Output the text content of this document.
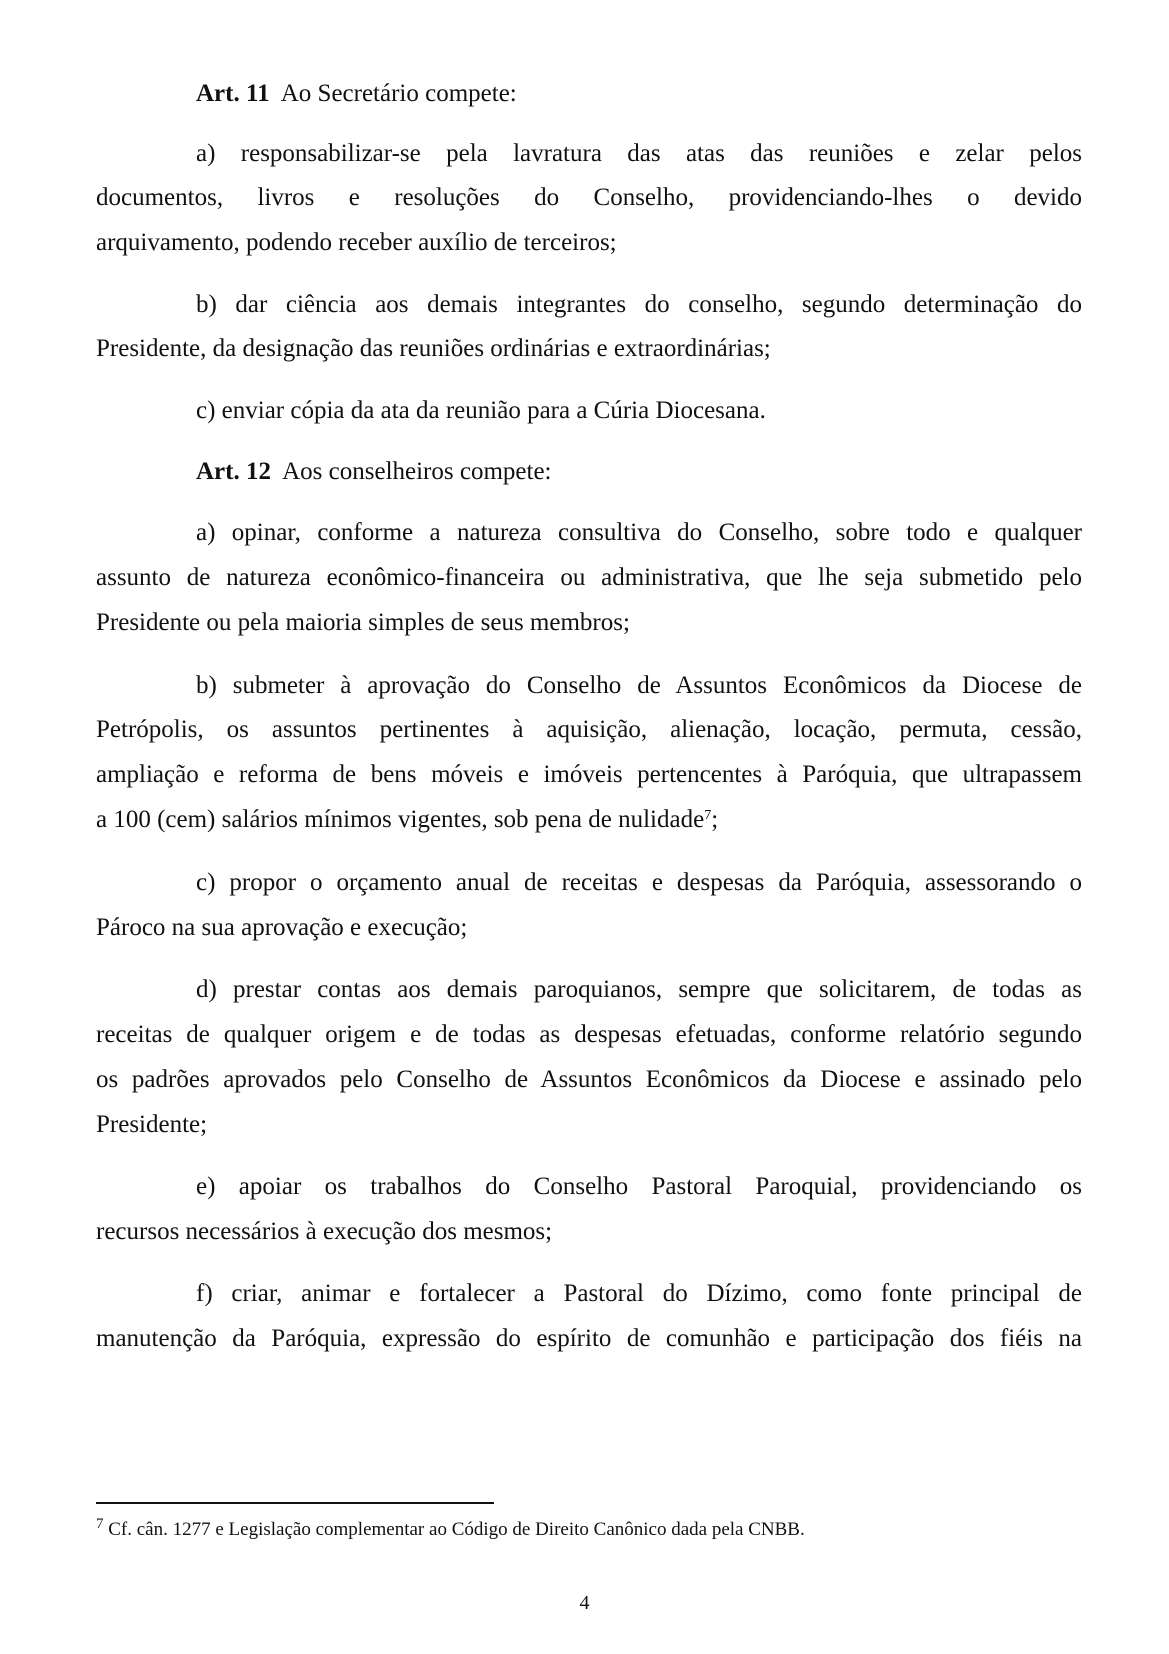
Art. 11 Ao Secretário compete:
a) responsabilizar-se pela lavratura das atas das reuniões e zelar pelos
documentos, livros e resoluções do Conselho, providenciando-lhes o devido
arquivamento, podendo receber auxílio de terceiros;
b) dar ciência aos demais integrantes do conselho, segundo determinação do
Presidente, da designação das reuniões ordinárias e extraordinárias;
c) enviar cópia da ata da reunião para a Cúria Diocesana.
Art. 12 Aos conselheiros compete:
a) opinar, conforme a natureza consultiva do Conselho, sobre todo e qualquer
assunto de natureza econômico-financeira ou administrativa, que lhe seja submetido pelo
Presidente ou pela maioria simples de seus membros;
b) submeter à aprovação do Conselho de Assuntos Econômicos da Diocese de
Petrópolis, os assuntos pertinentes à aquisição, alienação, locação, permuta, cessão,
ampliação e reforma de bens móveis e imóveis pertencentes à Paróquia, que ultrapassem
a 100 (cem) salários mínimos vigentes, sob pena de nulidade$^7$;
c) propor o orçamento anual de receitas e despesas da Paróquia, assessorando o
Pároco na sua aprovação e execução;
d) prestar contas aos demais paroquianos, sempre que solicitarem, de todas as
receitas de qualquer origem e de todas as despesas efetuadas, conforme relatório segundo
os padrões aprovados pelo Conselho de Assuntos Econômicos da Diocese e assinado pelo
Presidente;
e) apoiar os trabalhos do Conselho Pastoral Paroquial, providenciando os
recursos necessários à execução dos mesmos;
f) criar, animar e fortalecer a Pastoral do Dízimo, como fonte principal de
manutenção da Paróquia, expressão do espírito de comunhão e participação dos fiéis na
$^7$ Cf. cân. 1277 e Legislação complementar ao Código de Direito Canônico dada pela CNBB.
4
